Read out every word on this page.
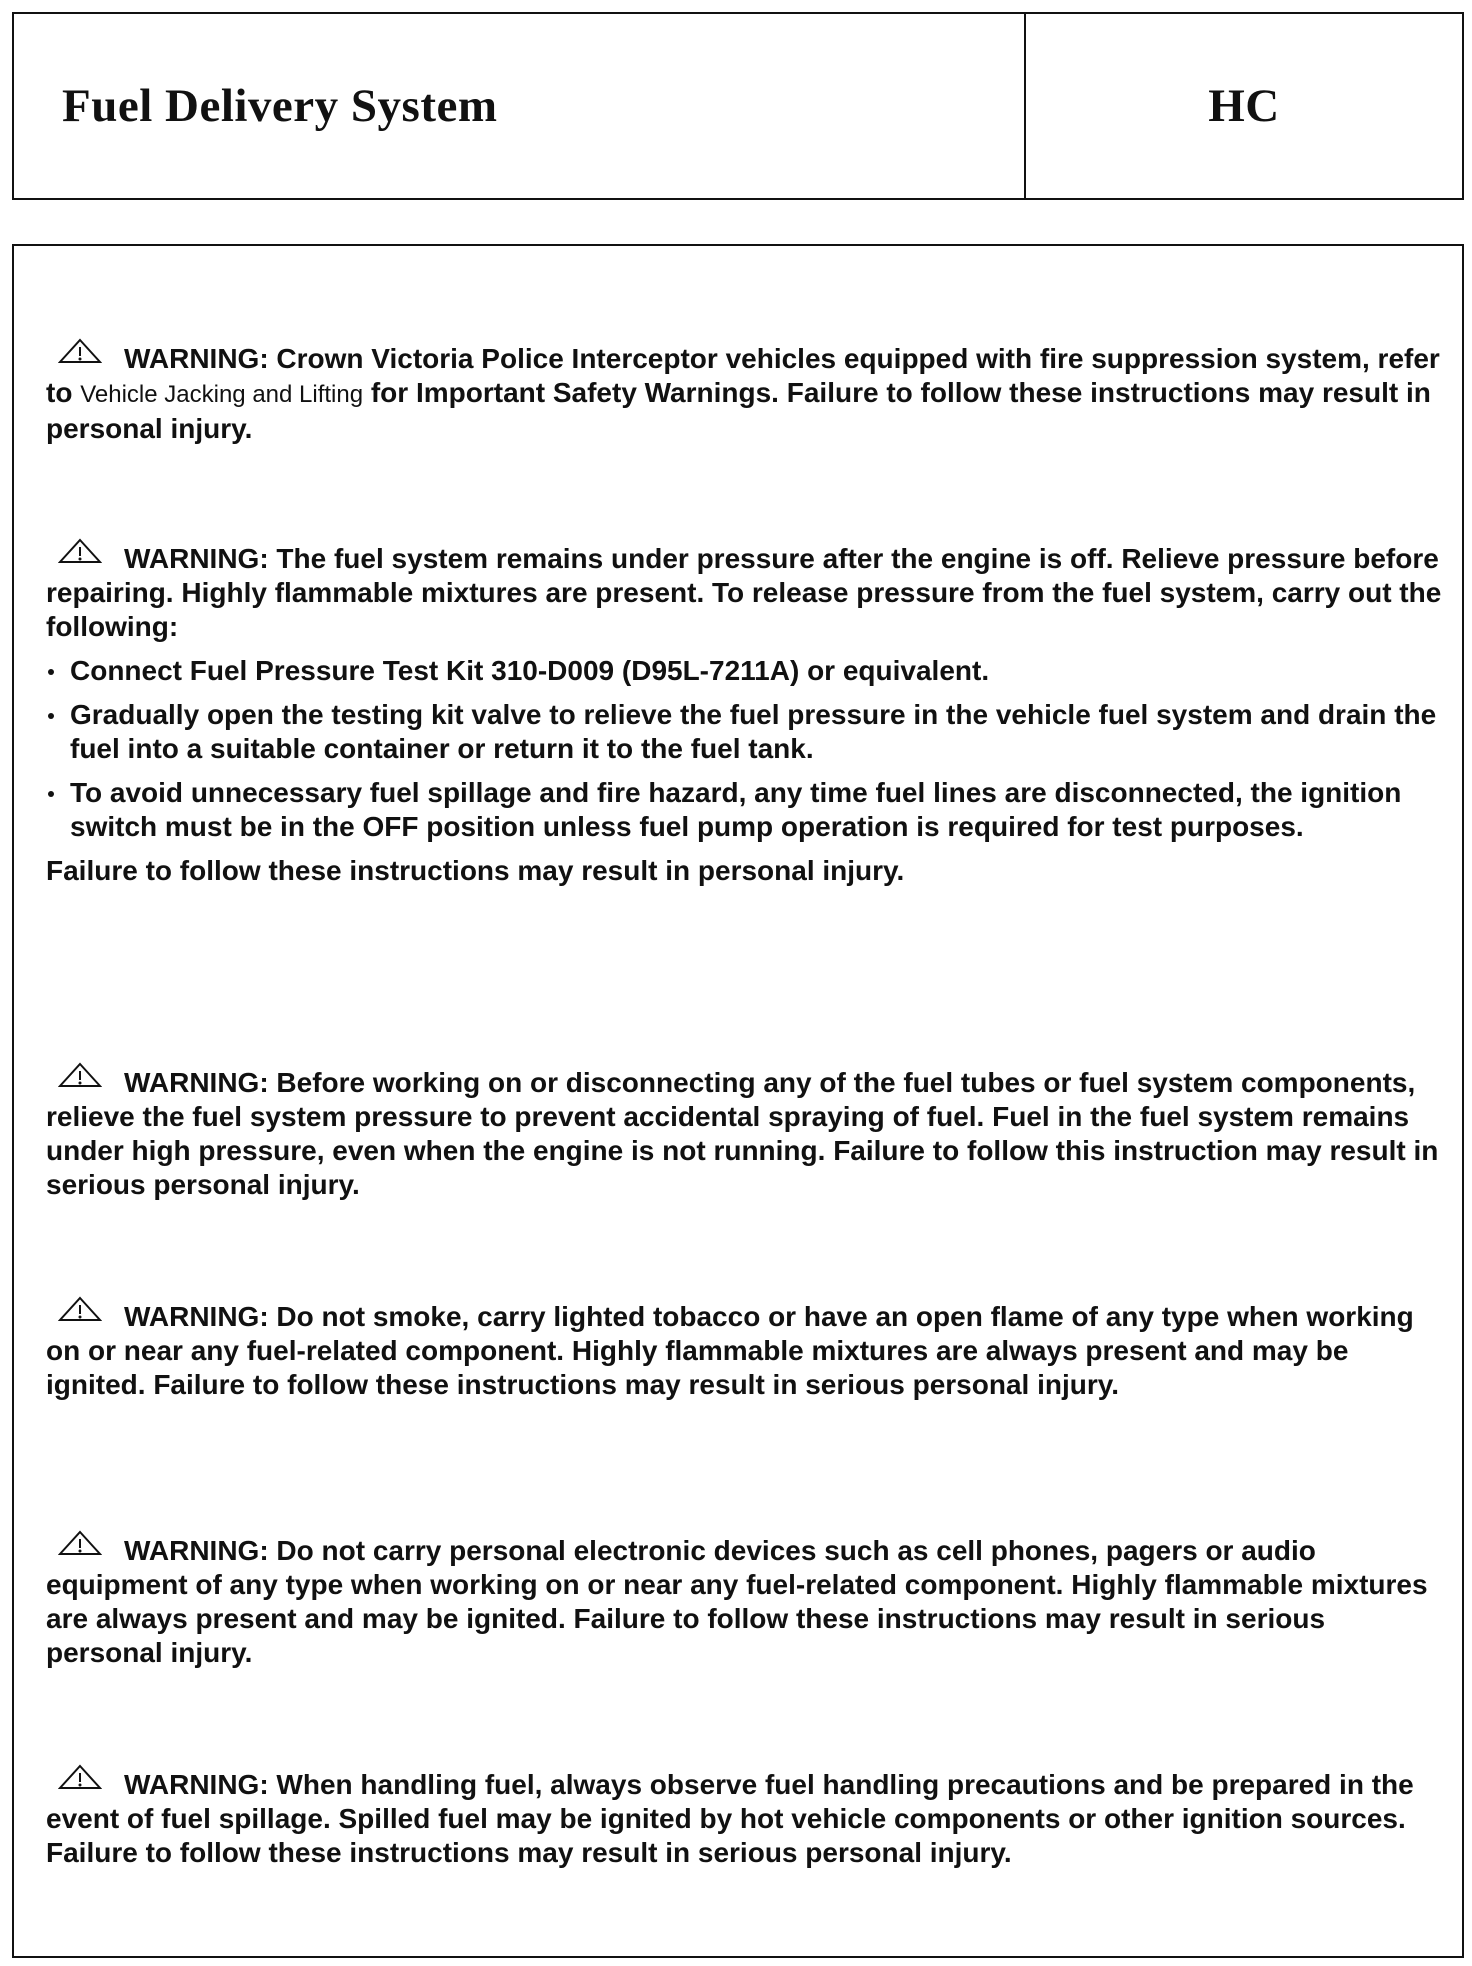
Fuel Delivery System	HC

WARNING: Crown Victoria Police Interceptor vehicles equipped with fire suppression system, refer to Vehicle Jacking and Lifting for Important Safety Warnings. Failure to follow these instructions may result in personal injury.

WARNING: The fuel system remains under pressure after the engine is off. Relieve pressure before repairing. Highly flammable mixtures are present. To release pressure from the fuel system, carry out the following:

Connect Fuel Pressure Test Kit 310-D009 (D95L-7211A) or equivalent.
Gradually open the testing kit valve to relieve the fuel pressure in the vehicle fuel system and drain the fuel into a suitable container or return it to the fuel tank.
To avoid unnecessary fuel spillage and fire hazard, any time fuel lines are disconnected, the ignition switch must be in the OFF position unless fuel pump operation is required for test purposes.

Failure to follow these instructions may result in personal injury.

WARNING: Before working on or disconnecting any of the fuel tubes or fuel system components, relieve the fuel system pressure to prevent accidental spraying of fuel. Fuel in the fuel system remains under high pressure, even when the engine is not running. Failure to follow this instruction may result in serious personal injury.

WARNING: Do not smoke, carry lighted tobacco or have an open flame of any type when working on or near any fuel-related component. Highly flammable mixtures are always present and may be ignited. Failure to follow these instructions may result in serious personal injury.

WARNING: Do not carry personal electronic devices such as cell phones, pagers or audio equipment of any type when working on or near any fuel-related component. Highly flammable mixtures are always present and may be ignited. Failure to follow these instructions may result in serious personal injury.

WARNING: When handling fuel, always observe fuel handling precautions and be prepared in the event of fuel spillage. Spilled fuel may be ignited by hot vehicle components or other ignition sources. Failure to follow these instructions may result in serious personal injury.
